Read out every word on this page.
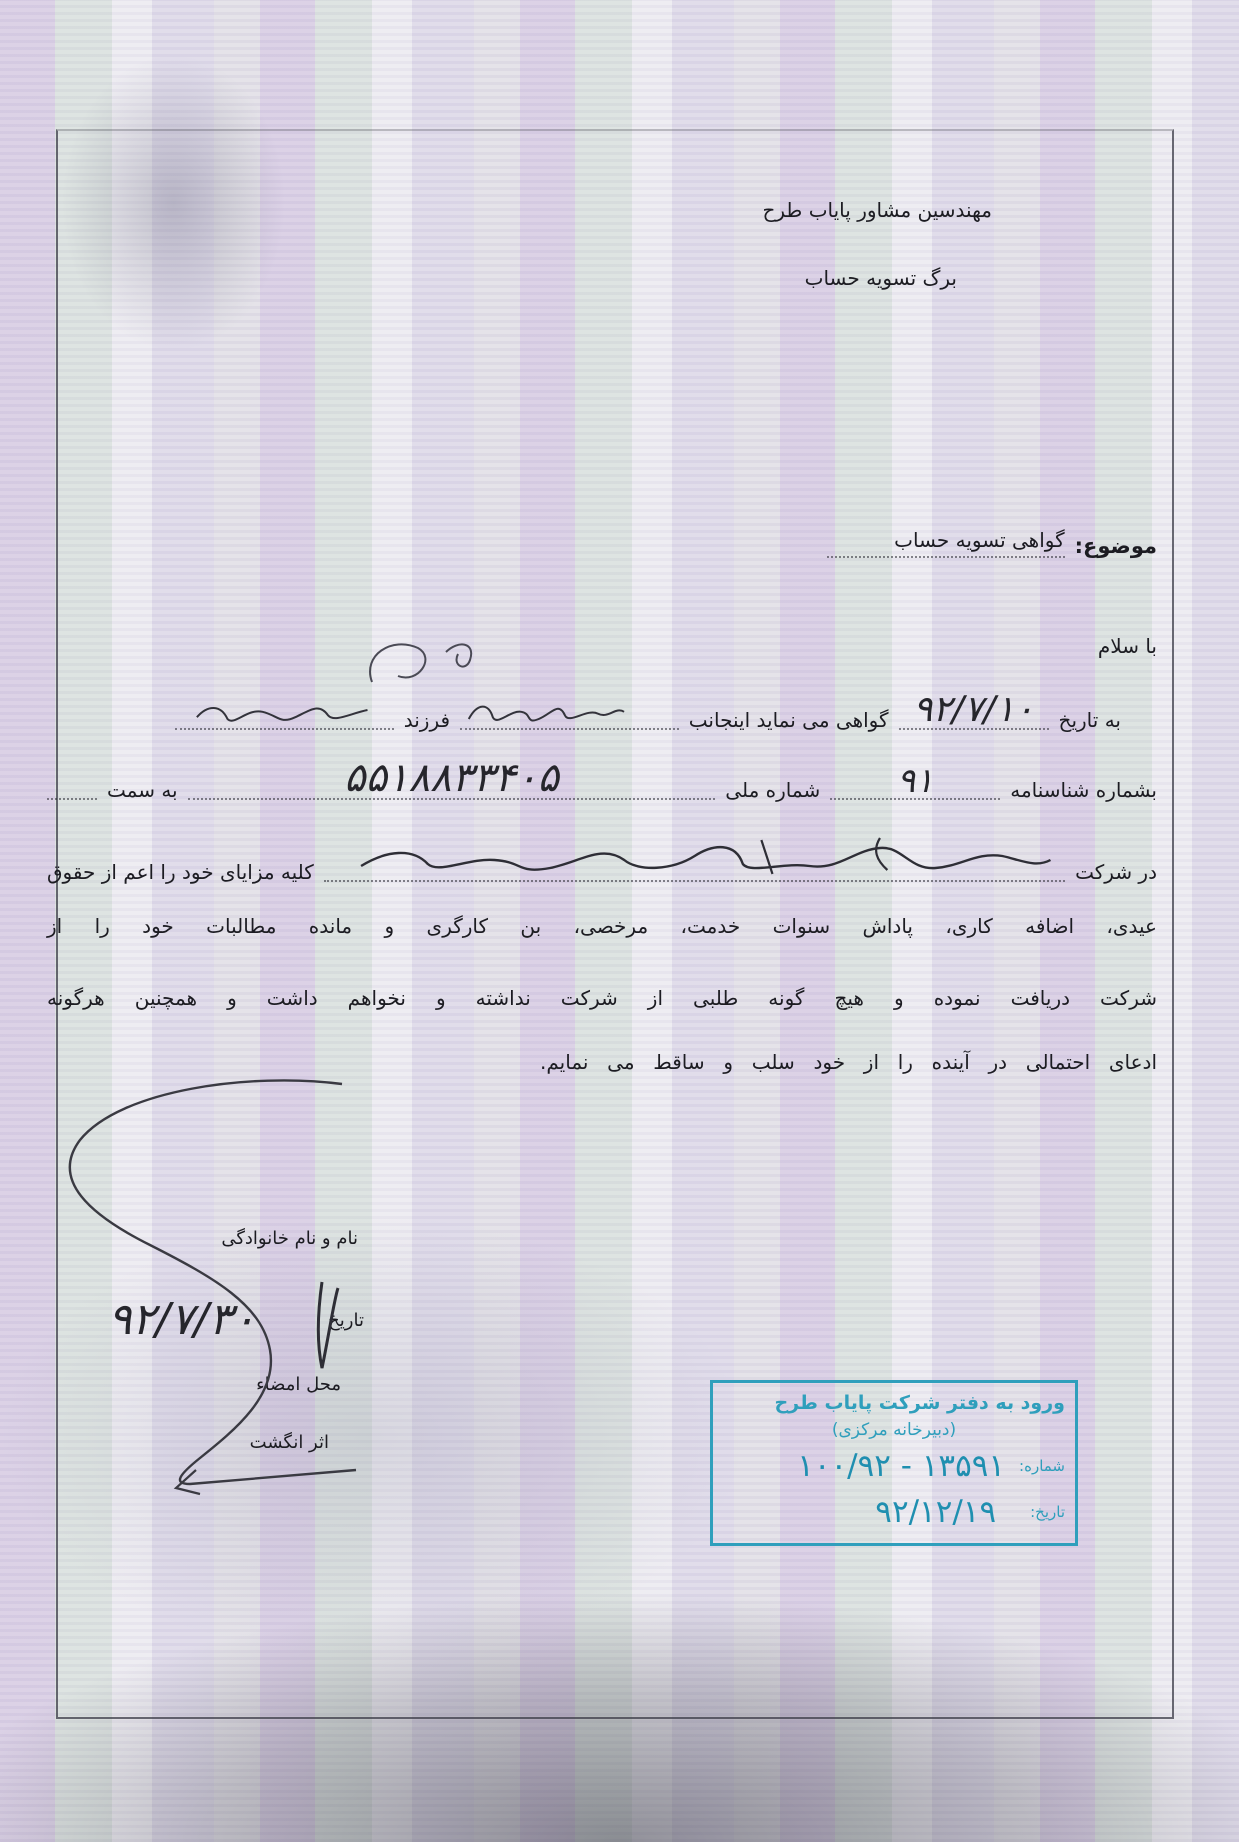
مهندسین مشاور پایاب طرح
برگ تسویه حساب
موضوع:
گواهی تسویه حساب
با سلام
به تاریخ
۹۲/۷/۱۰
گواهی می نماید اینجانب
فرزند
بشماره شناسنامه
۹۱
شماره ملی
۵۵۱۸۸۳۳۴۰۵
به سمت
در شرکت
کلیه مزایای خود را اعم از حقوق
عیدی، اضافه کاری، پاداش سنوات خدمت، مرخصی، بن کارگری و مانده مطالبات خود را از
شرکت دریافت نموده و هیچ گونه طلبی از شرکت نداشته و نخواهم داشت و همچنین هرگونه
ادعای احتمالی در آینده را از خود سلب و ساقط می نمایم.
نام و نام خانوادگی
تاریخ
۹۲/۷/۳۰
محل امضاء
اثر انگشت
ورود به دفتر شرکت پایاب طرح
(دبیرخانه مرکزی)
شماره:
۱۰۰/۹۲ - ۱۳۵۹۱
تاریخ:
۹۲/۱۲/۱۹
